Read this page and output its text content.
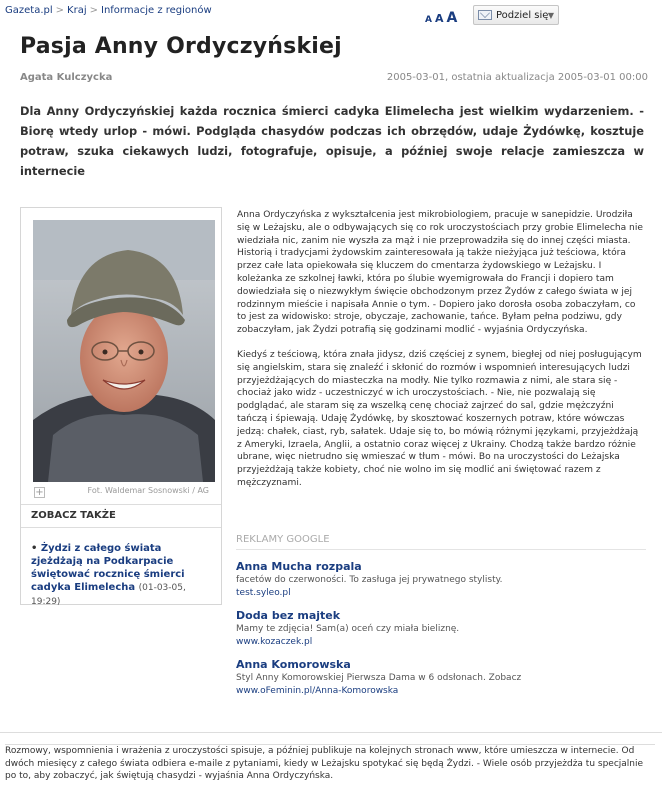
Gazeta.pl > Kraj > Informacje z regionów
A A A	Podziel się ▼
Pasja Anny Ordyczyńskiej
Agata Kulczycka	2005-03-01, ostatnia aktualizacja 2005-03-01 00:00
Dla Anny Ordyczyńskiej każda rocznica śmierci cadyka Elimelecha jest wielkim wydarzeniem. - Biorę wtedy urlop - mówi. Podgląda chasydów podczas ich obrzędów, udaje Żydówkę, kosztuje potraw, szuka ciekawych ludzi, fotografuje, opisuje, a później swoje relacje zamieszcza w internecie
+	Fot. Waldemar Sosnowski / AG
ZOBACZ TAKŻE
• Żydzi z całego świata zjeżdżają na Podkarpacie świętować rocznicę śmierci cadyka Elimelecha (01-03-05, 19:29)

Anna Ordyczyńska z wykształcenia jest mikrobiologiem, pracuje w sanepidzie. Urodziła się w Leżajsku, ale o odbywających się co rok uroczystościach przy grobie Elimelecha nie wiedziała nic, zanim nie wyszła za mąż i nie przeprowadziła się do innej części miasta. Historią i tradycjami żydowskim zainteresowała ją także nieżyjąca już teściowa, która przez całe lata opiekowała się kluczem do cmentarza żydowskiego w Leżajsku. I koleżanka ze szkolnej ławki, która po ślubie wyemigrowała do Francji i dopiero tam dowiedziała się o niezwykłym święcie obchodzonym przez Żydów z całego świata w jej rodzinnym mieście i napisała Annie o tym. - Dopiero jako dorosła osoba zobaczyłam, co to jest za widowisko: stroje, obyczaje, zachowanie, tańce. Byłam pełna podziwu, gdy zobaczyłam, jak Żydzi potrafią się godzinami modlić - wyjaśnia Ordyczyńska.

Kiedyś z teściową, która znała jidysz, dziś częściej z synem, biegłej od niej posługującym się angielskim, stara się znaleźć i skłonić do rozmów i wspomnień interesujących ludzi przyjeżdżających do miasteczka na modły. Nie tylko rozmawia z nimi, ale stara się - chociaż jako widz - uczestniczyć w ich uroczystościach. - Nie, nie pozwalają się podglądać, ale staram się za wszelką cenę chociaż zajrzeć do sal, gdzie mężczyźni tańczą i śpiewają. Udaję Żydówkę, by skosztować koszernych potraw, które wówczas jedzą: chałek, ciast, ryb, sałatek. Udaje się to, bo mówią różnymi językami, przyjeżdżają z Ameryki, Izraela, Anglii, a ostatnio coraz więcej z Ukrainy. Chodzą także bardzo różnie ubrane, więc nietrudno się wmieszać w tłum - mówi. Bo na uroczystości do Leżajska przyjeżdżają także kobiety, choć nie wolno im się modlić ani świętować razem z mężczyznami.

REKLAMY GOOGLE
Anna Mucha rozpala
facetów do czerwoności. To zasługa jej prywatnego stylisty.
test.syleo.pl
Doda bez majtek
Mamy te zdjęcia! Sam(a) oceń czy miała bieliznę.
www.kozaczek.pl
Anna Komorowska
Styl Anny Komorowskiej Pierwsza Dama w 6 odsłonach. Zobacz
www.oFeminin.pl/Anna-Komorowska
Rozmowy, wspomnienia i wrażenia z uroczystości spisuje, a później publikuje na kolejnych stronach www, które umieszcza w internecie. Od dwóch miesięcy z całego świata odbiera e-maile z pytaniami, kiedy w Leżajsku spotykać się będą Żydzi. - Wiele osób przyjeżdża tu specjalnie po to, aby zobaczyć, jak świętują chasydzi - wyjaśnia Anna Ordyczyńska.
